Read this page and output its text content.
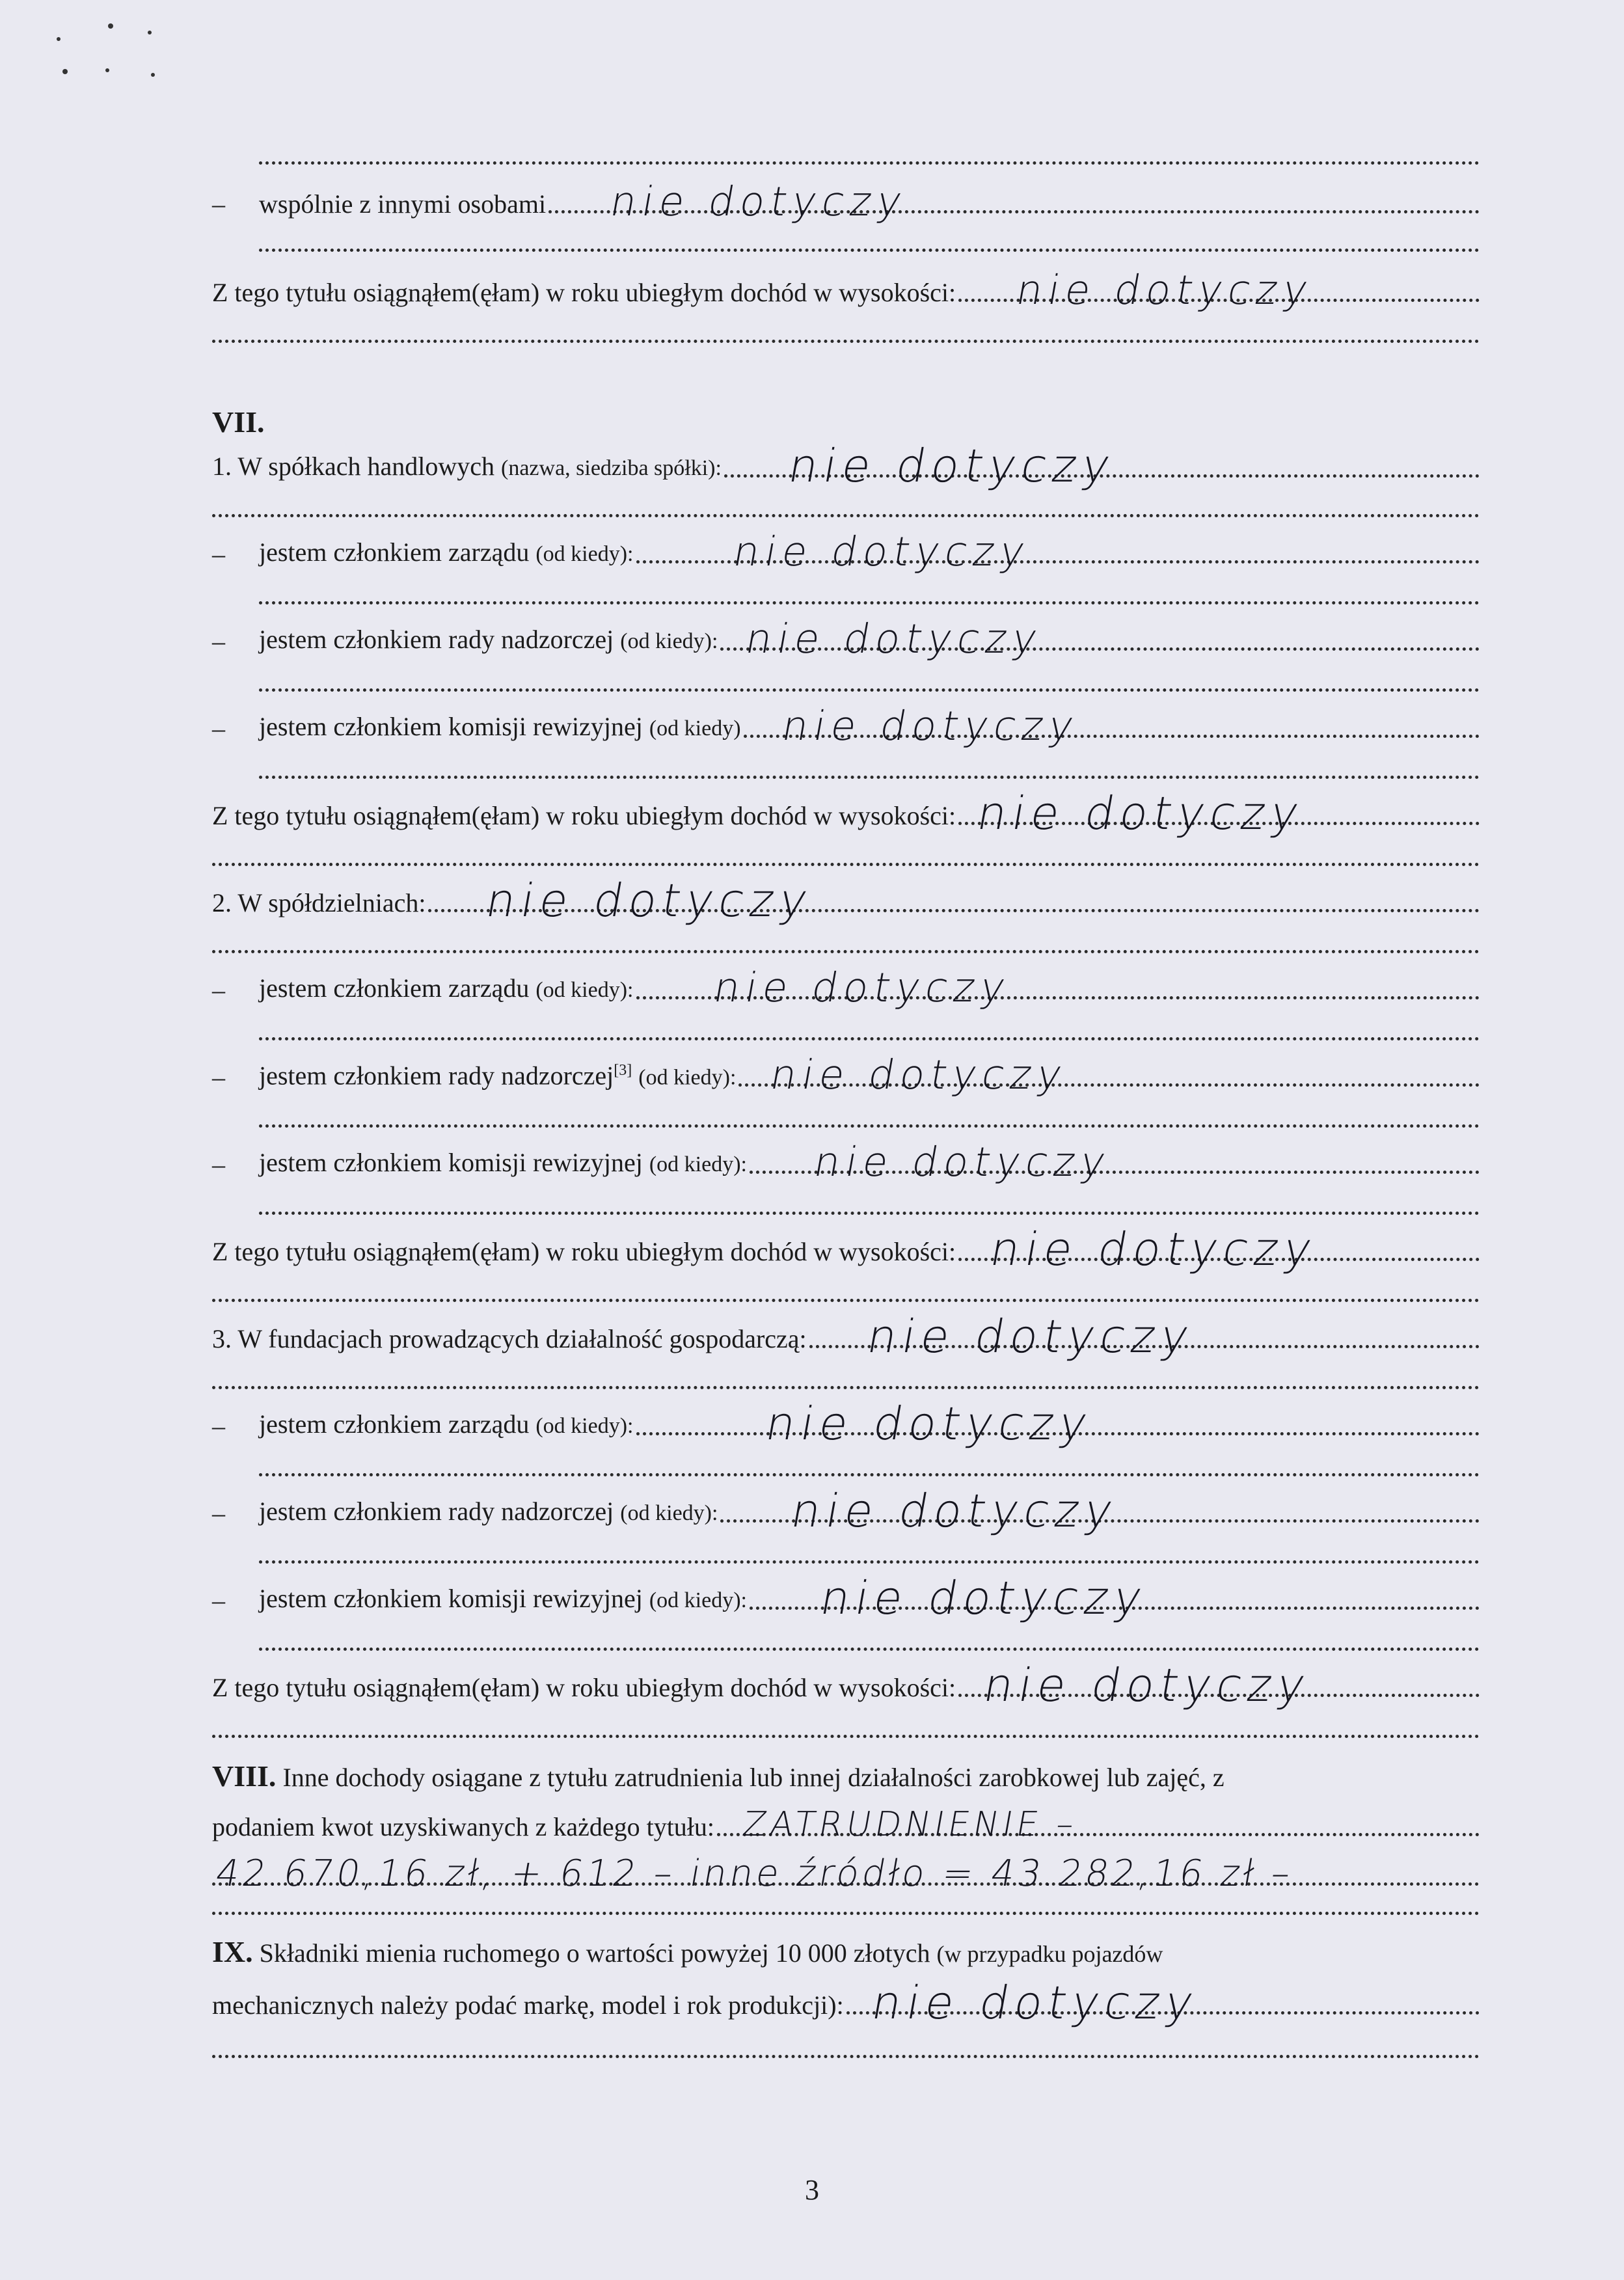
– wspólnie z innymi osobami nie dotyczy
Z tego tytułu osiągnąłem(ęłam) w roku ubiegłym dochód w wysokości: nie dotyczy
VII.
1. W spółkach handlowych (nazwa, siedziba spółki): nie dotyczy
– jestem członkiem zarządu (od kiedy): nie dotyczy
– jestem członkiem rady nadzorczej (od kiedy): nie dotyczy
– jestem członkiem komisji rewizyjnej (od kiedy) nie dotyczy
Z tego tytułu osiągnąłem(ęłam) w roku ubiegłym dochód w wysokości: nie dotyczy
2. W spółdzielniach: nie dotyczy
– jestem członkiem zarządu (od kiedy): nie dotyczy
– jestem członkiem rady nadzorczej[3] (od kiedy): nie dotyczy
– jestem członkiem komisji rewizyjnej (od kiedy): nie dotyczy
Z tego tytułu osiągnąłem(ęłam) w roku ubiegłym dochód w wysokości: nie dotyczy
3. W fundacjach prowadzących działalność gospodarczą: nie dotyczy
– jestem członkiem zarządu (od kiedy):	nie dotyczy
– jestem członkiem rady nadzorczej (od kiedy): nie dotyczy
– jestem członkiem komisji rewizyjnej (od kiedy): nie dotyczy
Z tego tytułu osiągnąłem(ęłam) w roku ubiegłym dochód w wysokości: nie dotyczy
VIII. Inne dochody osiągane z tytułu zatrudnienia lub innej działalności zarobkowej lub zajęć, z
podaniem kwot uzyskiwanych z każdego tytułu: ZATRUDNIENIE –
42.670,16 zł, + 612 – inne źródło = 43.282,16 zł –
IX. Składniki mienia ruchomego o wartości powyżej 10 000 złotych (w przypadku pojazdów
mechanicznych należy podać markę, model i rok produkcji): nie dotyczy
3
